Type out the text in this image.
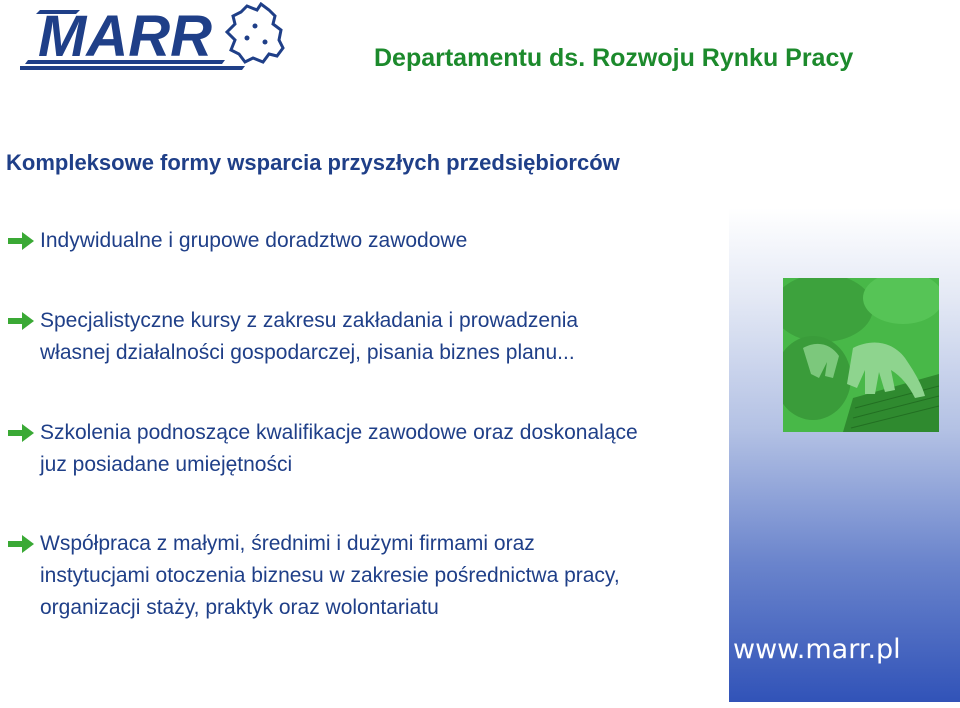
MARR	Departamentu ds. Rozwoju Rynku Pracy
Kompleksowe formy wsparcia przyszłych przedsiębiorców
Indywidualne i grupowe doradztwo zawodowe
Specjalistyczne kursy z zakresu zakładania i prowadzenia
własnej działalności gospodarczej, pisania biznes planu...
Szkolenia podnoszące kwalifikacje zawodowe oraz doskonalące
juz posiadane umiejętności
Współpraca z małymi, średnimi i dużymi firmami oraz
instytucjami otoczenia biznesu w zakresie pośrednictwa pracy,
organizacji staży, praktyk oraz wolontariatu
www.marr.pl
